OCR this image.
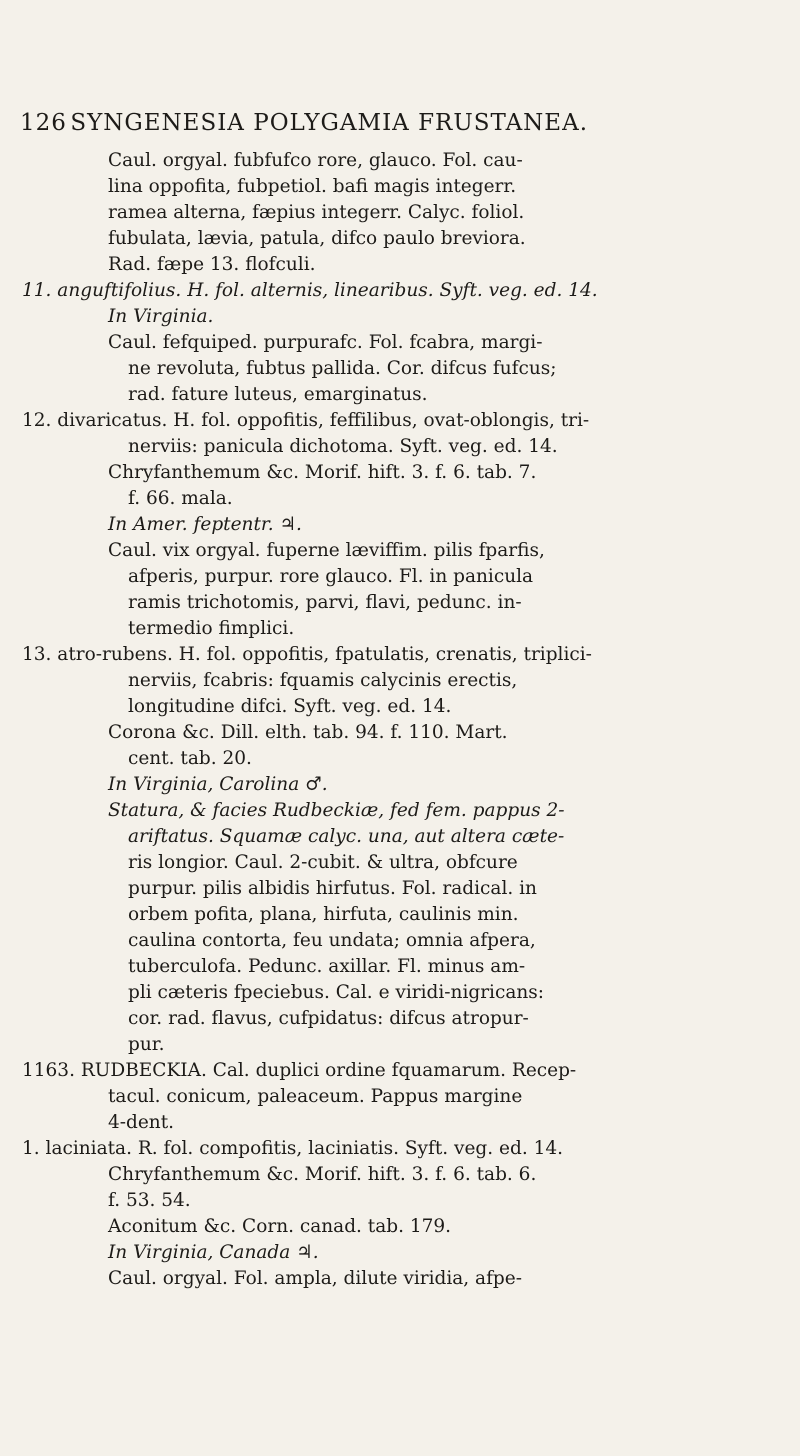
126 SYNGENESIA POLYGAMIA FRUSTANEA.
Caul. orgyal. fubfufco rore, glauco. Fol. cau-
lina oppofita, fubpetiol. bafi magis integerr.
ramea alterna, fæpius integerr. Calyc. foliol.
fubulata, lævia, patula, difco paulo breviora.
Rad. fæpe 13. flofculi.
11. anguftifolius. H. fol. alternis, linearibus. Syft. veg. ed. 14.
In Virginia.
Caul. fefquiped. purpurafc. Fol. fcabra, margi-
ne revoluta, fubtus pallida. Cor. difcus fufcus;
rad. fature luteus, emarginatus.
12. divaricatus. H. fol. oppofitis, feffilibus, ovat-oblongis, tri-
nerviis: panicula dichotoma. Syft. veg. ed. 14.
Chryfanthemum &c. Morif. hift. 3. f. 6. tab. 7.
f. 66. mala.
In Amer. feptentr. ♃.
Caul. vix orgyal. fuperne læviffim. pilis fparfis,
afperis, purpur. rore glauco. Fl. in panicula
ramis trichotomis, parvi, flavi, pedunc. in-
termedio fimplici.
13. atro-rubens. H. fol. oppofitis, fpatulatis, crenatis, triplici-
nerviis, fcabris: fquamis calycinis erectis,
longitudine difci. Syft. veg. ed. 14.
Corona &c. Dill. elth. tab. 94. f. 110. Mart.
cent. tab. 20.
In Virginia, Carolina ♂.
Statura, & facies Rudbeckiæ, fed fem. pappus 2-
ariftatus. Squamæ calyc. una, aut altera cæte-
ris longior. Caul. 2-cubit. & ultra, obfcure
purpur. pilis albidis hirfutus. Fol. radical. in
orbem pofita, plana, hirfuta, caulinis min.
caulina contorta, feu undata; omnia afpera,
tuberculofa. Pedunc. axillar. Fl. minus am-
pli cæteris fpeciebus. Cal. e viridi-nigricans:
cor. rad. flavus, cufpidatus: difcus atropur-
pur.
1163. RUDBECKIA. Cal. duplici ordine fquamarum. Recep-
tacul. conicum, paleaceum. Pappus margine
4-dent.
1. laciniata. R. fol. compofitis, laciniatis. Syft. veg. ed. 14.
Chryfanthemum &c. Morif. hift. 3. f. 6. tab. 6.
f. 53. 54.
Aconitum &c. Corn. canad. tab. 179.
In Virginia, Canada ♃.
Caul. orgyal. Fol. ampla, dilute viridia, afpe-
